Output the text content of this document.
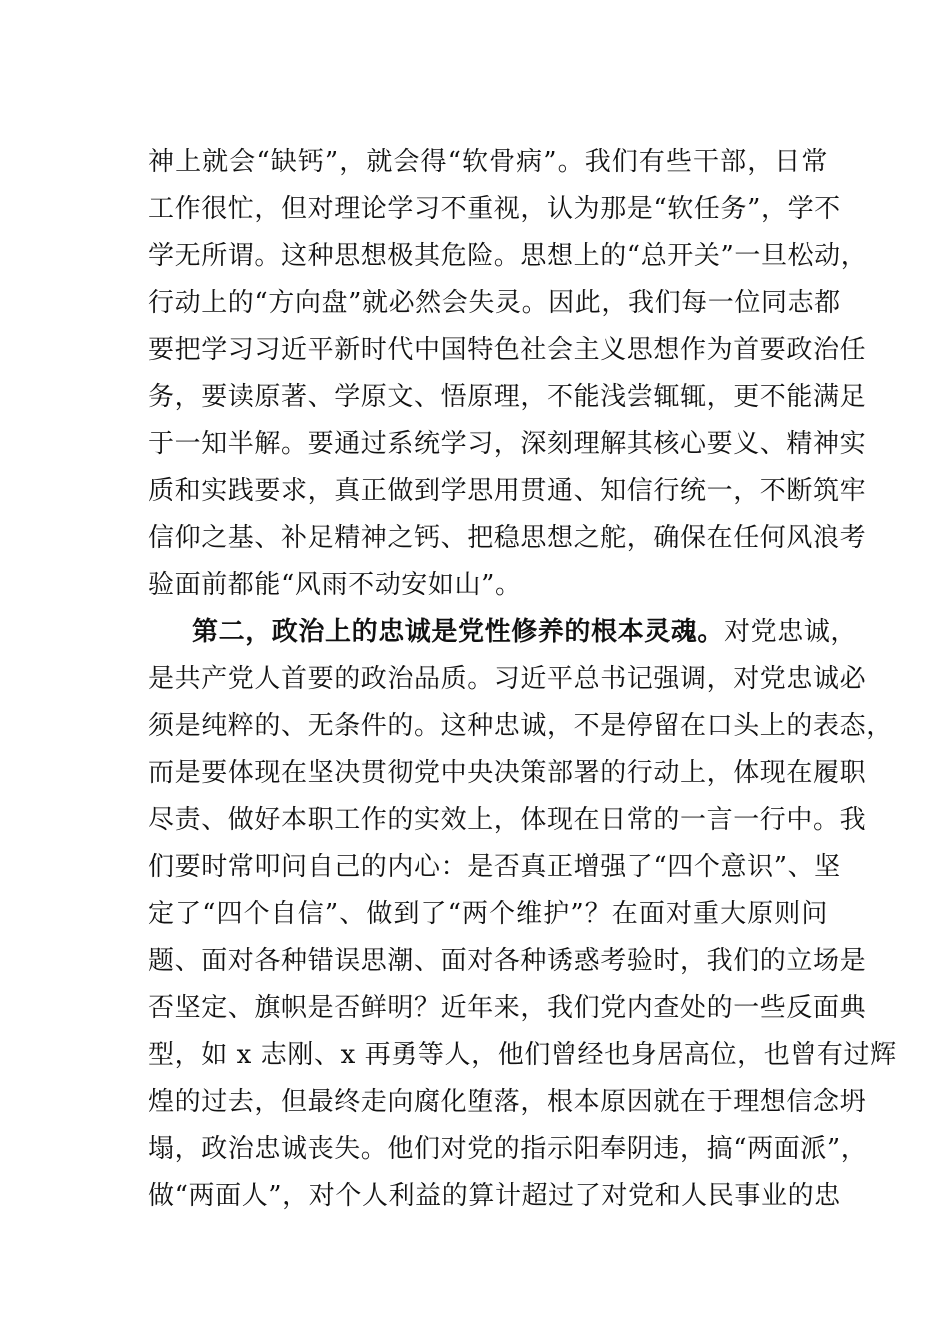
神上就会“缺钙”，就会得“软骨病”。我们有些干部，日常
工作很忙，但对理论学习不重视，认为那是“软任务”，学不
学无所谓。这种思想极其危险。思想上的“总开关”一旦松动，
行动上的“方向盘”就必然会失灵。因此，我们每一位同志都
要把学习习近平新时代中国特色社会主义思想作为首要政治任
务，要读原著、学原文、悟原理，不能浅尝辄辄，更不能满足
于一知半解。要通过系统学习，深刻理解其核心要义、精神实
质和实践要求，真正做到学思用贯通、知信行统一，不断筑牢
信仰之基、补足精神之钙、把稳思想之舵，确保在任何风浪考
验面前都能“风雨不动安如山”。
第二，政治上的忠诚是党性修养的根本灵魂。对党忠诚，
是共产党人首要的政治品质。习近平总书记强调，对党忠诚必
须是纯粹的、无条件的。这种忠诚，不是停留在口头上的表态，
而是要体现在坚决贯彻党中央决策部署的行动上，体现在履职
尽责、做好本职工作的实效上，体现在日常的一言一行中。我
们要时常叩问自己的内心：是否真正增强了“四个意识”、坚
定了“四个自信”、做到了“两个维护”？在面对重大原则问
题、面对各种错误思潮、面对各种诱惑考验时，我们的立场是
否坚定、旗帜是否鲜明？近年来，我们党内查处的一些反面典
型，如 x 志刚、x 再勇等人，他们曾经也身居高位，也曾有过辉
煌的过去，但最终走向腐化堕落，根本原因就在于理想信念坍
塌，政治忠诚丧失。他们对党的指示阳奉阴违，搞“两面派”，
做“两面人”，对个人利益的算计超过了对党和人民事业的忠
